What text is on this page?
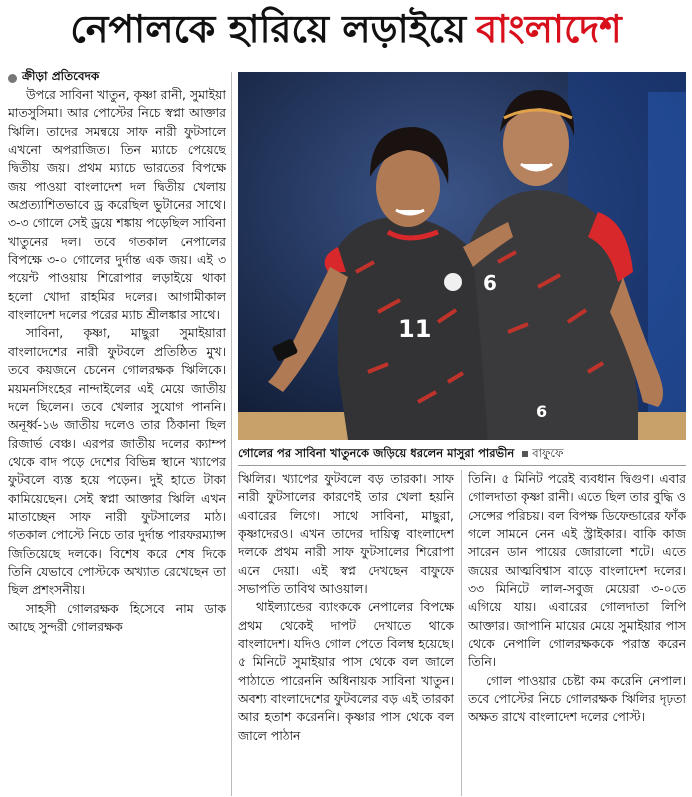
নেপালকে হারিয়ে লড়াইয়ে বাংলাদেশ
ক্রীড়া প্রতিবেদক

উপরে সাবিনা খাতুন, কৃষ্ণা রানী, সুমাইয়া মাতসুসিমা। আর পোস্টের নিচে স্বপ্না আক্তার ঋিলি। তাদের সমন্বয়ে সাফ নারী ফুটসালে এখনো অপরাজিত। তিন ম্যাচে পেয়েছে দ্বিতীয় জয়। প্রথম ম্যাচে ভারতের বিপক্ষে জয় পাওয়া বাংলাদেশ দল দ্বিতীয় খেলায় অপ্রত্যাশিতভাবে ড্র করেছিল ভুটানের সাথে। ৩-৩ গোলে সেই ড্রয়ে শঙ্কায় পড়েছিল সাবিনা খাতুনের দল। তবে গতকাল নেপালের বিপক্ষে ৩-০ গোলের দুর্দান্ত এক জয়। এই ৩ পয়েন্ট পাওয়ায় শিরোপার লড়াইয়ে থাকা হলো খোদা রাহমির দলের। আগামীকাল বাংলাদেশ দলের পরের ম্যাচ শ্রীলঙ্কার সাথে।

সাবিনা, কৃষ্ণা, মাছুরা সুমাইয়ারা বাংলাদেশের নারী ফুটবলে প্রতিষ্ঠিত মুখ। তবে কয়জনে চেনেন গোলরক্ষক ঋিলিকে। ময়মনসিংহের নান্দাইলের এই মেয়ে জাতীয় দলে ছিলেন। তবে খেলার সুযোগ পাননি। অনূর্ধ্ব-১৬ জাতীয় দলেও তার ঠিকানা ছিল রিজার্ভ বেঞ্চ। এরপর জাতীয় দলের ক্যাম্প থেকে বাদ পড়ে দেশের বিভিন্ন স্থানে খ্যাপের ফুটবলে ব্যস্ত হয়ে পড়েন। দুই হাতে টাকা কামিয়েছেন। সেই স্বপ্না আক্তার ঋিলি এখন মাতাচ্ছেন সাফ নারী ফুটসালের মাঠ। গতকাল পোস্টে নিচে তার দুর্দান্ত পারফরম্যান্স জিতিয়েছে দলকে। বিশেষ করে শেষ দিকে তিনি যেভাবে পোস্টকে অখ্যাত রেখেছেন তা ছিল প্রশংসনীয়।

সাহসী গোলরক্ষক হিসেবে নাম ডাক আছে সুন্দরী গোলরক্ষক

6
6
11
গোলের পর সাবিনা খাতুনকে জড়িয়ে ধরলেন মাসুরা পারভীন বাফুফে

ঋিলির। খ্যাপের ফুটবলে বড় তারকা। সাফ নারী ফুটসালের কারণেই তার খেলা হয়নি এবারের লিগে। সাথে সাবিনা, মাছুরা, কৃষ্ণাদেরও। এখন তাদের দায়িত্ব বাংলাদেশ দলকে প্রথম নারী সাফ ফুটসালের শিরোপা এনে দেয়া। এই স্বপ্ন দেখছেন বাফুফে সভাপতি তাবিথ আওয়াল।

থাইল্যান্ডের ব্যাংককে নেপালের বিপক্ষে প্রথম থেকেই দাপট দেখাতে থাকে বাংলাদেশ। যদিও গোল পেতে বিলম্ব হয়েছে। ৫ মিনিটে সুমাইয়ার পাস থেকে বল জালে পাঠাতে পারেননি অধিনায়ক সাবিনা খাতুন। অবশ্য বাংলাদেশের ফুটবলের বড় এই তারকা আর হতাশ করেননি। কৃষ্ণার পাস থেকে বল জালে পাঠান

তিনি। ৫ মিনিট পরেই ব্যবধান দ্বিগুণ। এবার গোলদাতা কৃষ্ণা রানী। এতে ছিল তার বুদ্ধি ও সেন্সের পরিচয়। বল বিপক্ষ ডিফেন্ডারের ফাঁক গলে সামনে নেন এই স্ট্রাইকার। বাকি কাজ সারেন ডান পায়ের জোরালো শটে। এতে জয়ের আত্মবিশ্বাস বাড়ে বাংলাদেশ দলের। ৩৩ মিনিটে লাল-সবুজ মেয়েরা ৩-০তে এগিয়ে যায়। এবারের গোলদাতা লিপি আক্তার। জাপানি মায়ের মেয়ে সুমাইয়ার পাস থেকে নেপালি গোলরক্ষককে পরাস্ত করেন তিনি।

গোল পাওয়ার চেষ্টা কম করেনি নেপাল। তবে পোস্টের নিচে গোলরক্ষক ঋিলির দৃঢ়তা অক্ষত রাখে বাংলাদেশ দলের পোস্ট।
